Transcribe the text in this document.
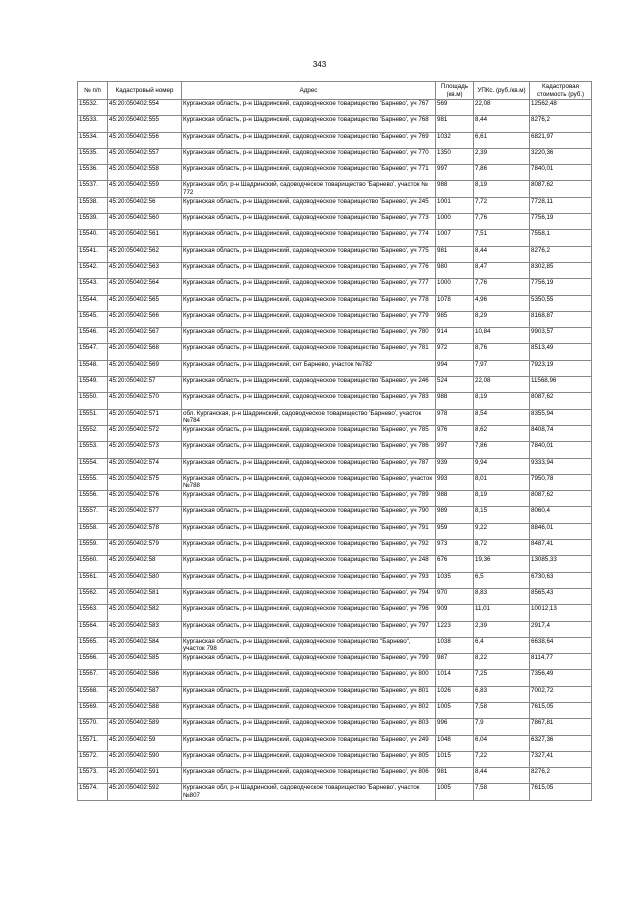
343
№ п/п	Кадастровый номер	Адрес	Площадь (кв.м)	УПКс. (руб./кв.м)	Кадастровая стоимость (руб.)
15532.	45:20:050402:554	Курганская область, р-н Шадринский, садоводческое товарищество 'Барнево', уч 767	569	22,08	12562,48
15533.	45:20:050402:555	Курганская область, р-н Шадринский, садоводческое товарищество 'Барнево', уч 768	981	8,44	8276,2
15534.	45:20:050402:556	Курганская область, р-н Шадринский, садоводческое товарищество 'Барнево', уч 769	1032	6,61	6821,97
15535.	45:20:050402:557	Курганская область, р-н Шадринский, садоводческое товарищество 'Барнево', уч 770	1350	2,39	3220,36
15536.	45:20:050402:558	Курганская область, р-н Шадринский, садоводческое товарищество 'Барнево', уч 771	997	7,86	7840,01
15537.	45:20:050402:559	Курганская обл, р-н Шадринский, садоводческое товарищество 'Барнево', участок № 772	988	8,19	8087,62
15538.	45:20:050402:56	Курганская область, р-н Шадринский, садоводческое товарищество 'Барнево', уч 245	1001	7,72	7728,11
15539.	45:20:050402:560	Курганская область, р-н Шадринский, садоводческое товарищество 'Барнево', уч 773	1000	7,76	7756,19
15540.	45:20:050402:561	Курганская область, р-н Шадринский, садоводческое товарищество 'Барнево', уч 774	1007	7,51	7558,1
15541.	45:20:050402:562	Курганская область, р-н Шадринский, садоводческое товарищество 'Барнево', уч 775	981	8,44	8276,2
15542.	45:20:050402:563	Курганская область, р-н Шадринский, садоводческое товарищество 'Барнево', уч 776	980	8,47	8302,85
15543.	45:20:050402:564	Курганская область, р-н Шадринский, садоводческое товарищество 'Барнево', уч 777	1000	7,76	7756,19
15544.	45:20:050402:565	Курганская область, р-н Шадринский, садоводческое товарищество 'Барнево', уч 778	1078	4,96	5350,55
15545.	45:20:050402:566	Курганская область, р-н Шадринский, садоводческое товарищество 'Барнево', уч 779	985	8,29	8168,87
15546.	45:20:050402:567	Курганская область, р-н Шадринский, садоводческое товарищество 'Барнево', уч 780	914	10,84	9903,57
15547.	45:20:050402:568	Курганская область, р-н Шадринский, садоводческое товарищество 'Барнево', уч 781	972	8,76	8513,49
15548.	45:20:050402:569	Курганская область, р-н Шадринский, снт Барнево, участок №782	994	7,97	7923,19
15549.	45:20:050402:57	Курганская область, р-н Шадринский, садоводческое товарищество 'Барнево', уч 246	524	22,08	11568,96
15550.	45:20:050402:570	Курганская область, р-н Шадринский, садоводческое товарищество 'Барнево', уч 783	988	8,19	8087,62
15551.	45:20:050402:571	обл. Курганская, р-н Шадринский, садоводческое товарищество 'Барнево', участок №784	978	8,54	8355,94
15552.	45:20:050402:572	Курганская область, р-н Шадринский, садоводческое товарищество 'Барнево', уч 785	976	8,62	8408,74
15553.	45:20:050402:573	Курганская область, р-н Шадринский, садоводческое товарищество 'Барнево', уч 786	997	7,86	7840,01
15554.	45:20:050402:574	Курганская область, р-н Шадринский, садоводческое товарищество 'Барнево', уч 787	939	9,94	9333,94
15555.	45:20:050402:575	Курганская область, р-н Шадринский, садоводческое товарищество 'Барнево', участок №788	993	8,01	7950,78
15556.	45:20:050402:576	Курганская область, р-н Шадринский, садоводческое товарищество 'Барнево', уч 789	988	8,19	8087,62
15557.	45:20:050402:577	Курганская область, р-н Шадринский, садоводческое товарищество 'Барнево', уч 790	989	8,15	8060,4
15558.	45:20:050402:578	Курганская область, р-н Шадринский, садоводческое товарищество 'Барнево', уч 791	959	9,22	8846,01
15559.	45:20:050402:579	Курганская область, р-н Шадринский, садоводческое товарищество 'Барнево', уч 792	973	8,72	8487,41
15560.	45:20:050402:58	Курганская область, р-н Шадринский, садоводческое товарищество 'Барнево', уч 248	676	19,36	13085,33
15561.	45:20:050402:580	Курганская область, р-н Шадринский, садоводческое товарищество 'Барнево', уч 793	1035	6,5	6730,63
15562.	45:20:050402:581	Курганская область, р-н Шадринский, садоводческое товарищество 'Барнево', уч 794	970	8,83	8565,43
15563.	45:20:050402:582	Курганская область, р-н Шадринский, садоводческое товарищество 'Барнево', уч 796	909	11,01	10012,13
15564.	45:20:050402:583	Курганская область, р-н Шадринский, садоводческое товарищество 'Барнево', уч 797	1223	2,39	2917,4
15565.	45:20:050402:584	Курганская область, р-н Шадринский, садоводческое товарищество "Барнево", участок 798	1038	6,4	6638,64
15566.	45:20:050402:585	Курганская область, р-н Шадринский, садоводческое товарищество 'Барнево', уч 799	987	8,22	8114,77
15567.	45:20:050402:586	Курганская область, р-н Шадринский, садоводческое товарищество 'Барнево', уч 800	1014	7,25	7356,49
15568.	45:20:050402:587	Курганская область, р-н Шадринский, садоводческое товарищество 'Барнево', уч 801	1026	6,83	7002,72
15569.	45:20:050402:588	Курганская область, р-н Шадринский, садоводческое товарищество 'Барнево', уч 802	1005	7,58	7615,05
15570.	45:20:050402:589	Курганская область, р-н Шадринский, садоводческое товарищество 'Барнево', уч 803	996	7,9	7867,81
15571.	45:20:050402:59	Курганская область, р-н Шадринский, садоводческое товарищество 'Барнево', уч 249	1048	6,04	6327,36
15572.	45:20:050402:590	Курганская область, р-н Шадринский, садоводческое товарищество 'Барнево', уч 805	1015	7,22	7327,41
15573.	45:20:050402:591	Курганская область, р-н Шадринский, садоводческое товарищество 'Барнево', уч 806	981	8,44	8276,2
15574.	45:20:050402:592	Курганская обл, р-н Шадринский, садоводческое товарищество 'Барнево', участок №807	1005	7,58	7615,05
